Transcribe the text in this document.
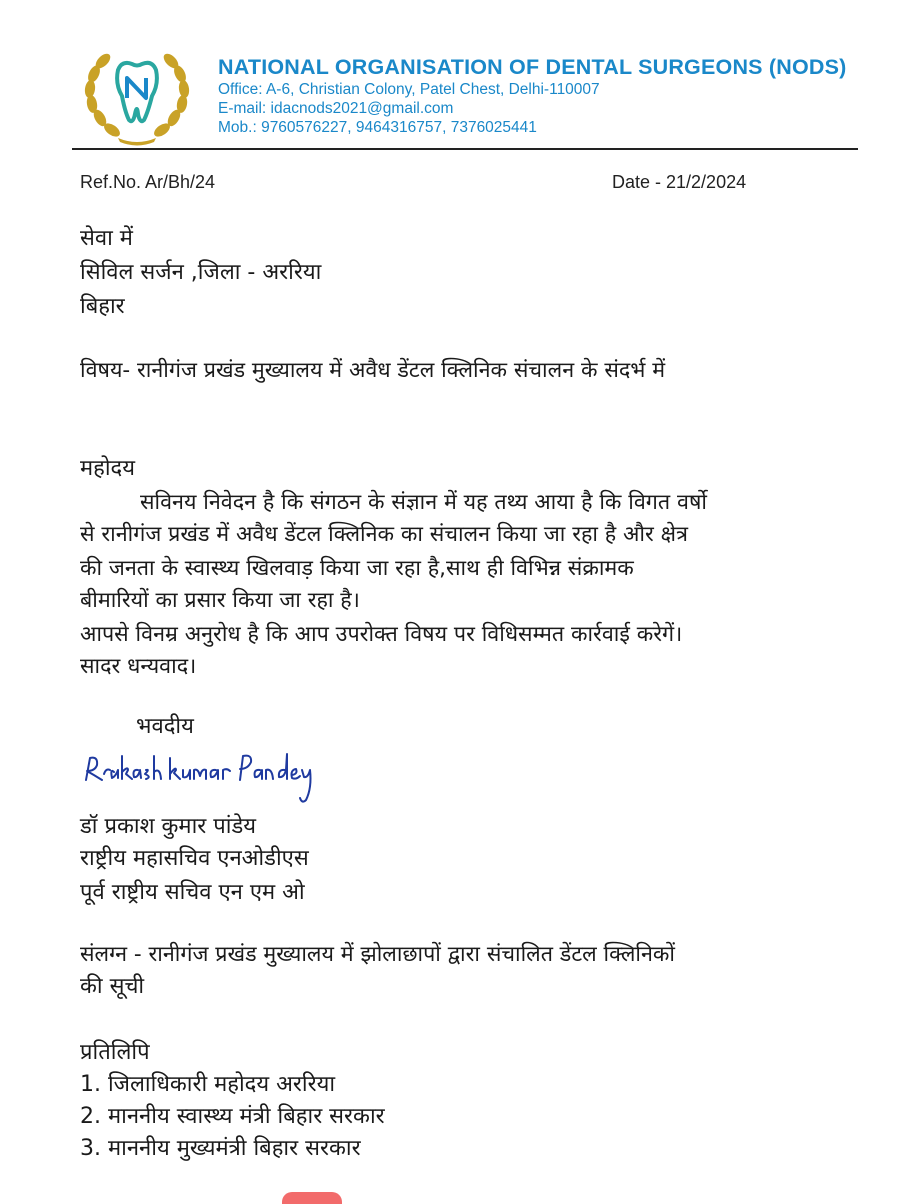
NATIONAL ORGANISATION OF DENTAL SURGEONS (NODS)
Office: A-6, Christian Colony, Patel Chest, Delhi-110007
E-mail: idacnods2021@gmail.com
Mob.: 9760576227, 9464316757, 7376025441
Ref.No. Ar/Bh/24	Date - 21/2/2024
सेवा में
सिविल सर्जन ,जिला - अररिया
बिहार
विषय- रानीगंज प्रखंड मुख्यालय में अवैध डेंटल क्लिनिक संचालन के संदर्भ में
महोदय
सविनय निवेदन है कि संगठन के संज्ञान में यह तथ्य आया है कि विगत वर्षो
से रानीगंज प्रखंड में अवैध डेंटल क्लिनिक का संचालन किया जा रहा है और क्षेत्र
की जनता के स्वास्थ्य खिलवाड़ किया जा रहा है,साथ ही विभिन्न संक्रामक
बीमारियों का प्रसार किया जा रहा है।
आपसे विनम्र अनुरोध है कि आप उपरोक्त विषय पर विधिसम्मत कार्रवाई करेगें।
सादर धन्यवाद।
भवदीय
डॉ प्रकाश कुमार पांडेय
राष्ट्रीय महासचिव एनओडीएस
पूर्व राष्ट्रीय सचिव एन एम ओ
संलग्न - रानीगंज प्रखंड मुख्यालय में झोलाछापों द्वारा संचालित डेंटल क्लिनिकों
की सूची
प्रतिलिपि
1. जिलाधिकारी महोदय अररिया
2. माननीय स्वास्थ्य मंत्री बिहार सरकार
3. माननीय मुख्यमंत्री बिहार सरकार
